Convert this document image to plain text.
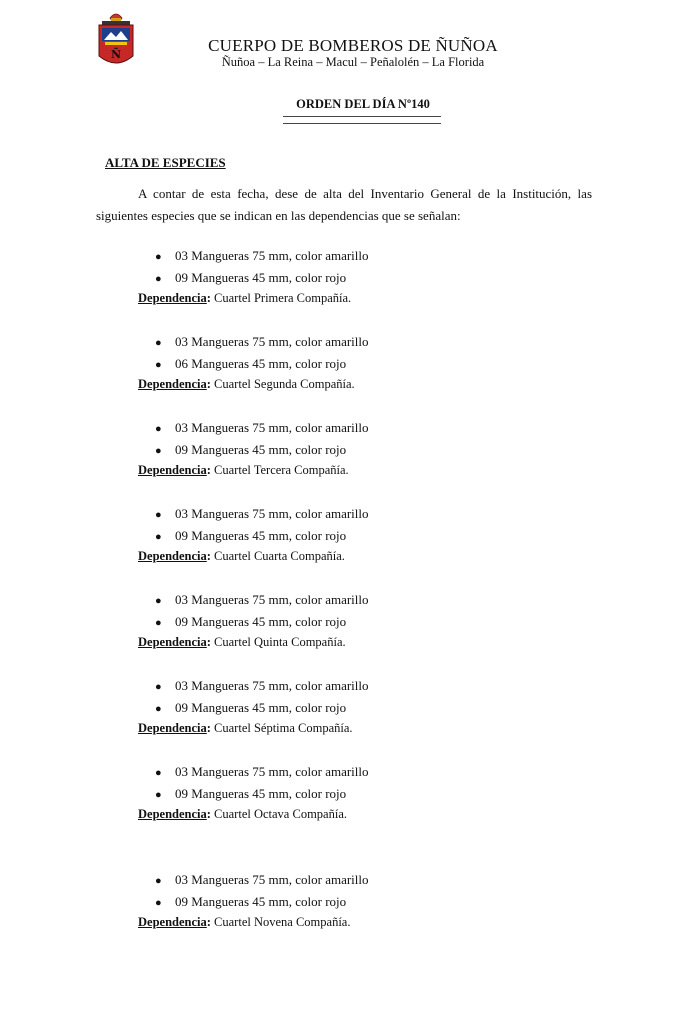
Ñ	CUERPO DE BOMBEROS DE ÑUÑOA
Ñuñoa – La Reina – Macul – Peñalolén – La Florida
ORDEN DEL DÍA Nº140
ALTA DE ESPECIES
A contar de esta fecha, dese de alta del Inventario General de la Institución, las siguientes especies que se indican en las dependencias que se señalan:
● 03 Mangueras 75 mm, color amarillo
● 09 Mangueras 45 mm, color rojo
Dependencia: Cuartel Primera Compañía.
● 03 Mangueras 75 mm, color amarillo
● 06 Mangueras 45 mm, color rojo
Dependencia: Cuartel Segunda Compañía.
● 03 Mangueras 75 mm, color amarillo
● 09 Mangueras 45 mm, color rojo
Dependencia: Cuartel Tercera Compañía.
● 03 Mangueras 75 mm, color amarillo
● 09 Mangueras 45 mm, color rojo
Dependencia: Cuartel Cuarta Compañía.
● 03 Mangueras 75 mm, color amarillo
● 09 Mangueras 45 mm, color rojo
Dependencia: Cuartel Quinta Compañía.
● 03 Mangueras 75 mm, color amarillo
● 09 Mangueras 45 mm, color rojo
Dependencia: Cuartel Séptima Compañía.
● 03 Mangueras 75 mm, color amarillo
● 09 Mangueras 45 mm, color rojo
Dependencia: Cuartel Octava Compañía.
● 03 Mangueras 75 mm, color amarillo
● 09 Mangueras 45 mm, color rojo
Dependencia: Cuartel Novena Compañía.
